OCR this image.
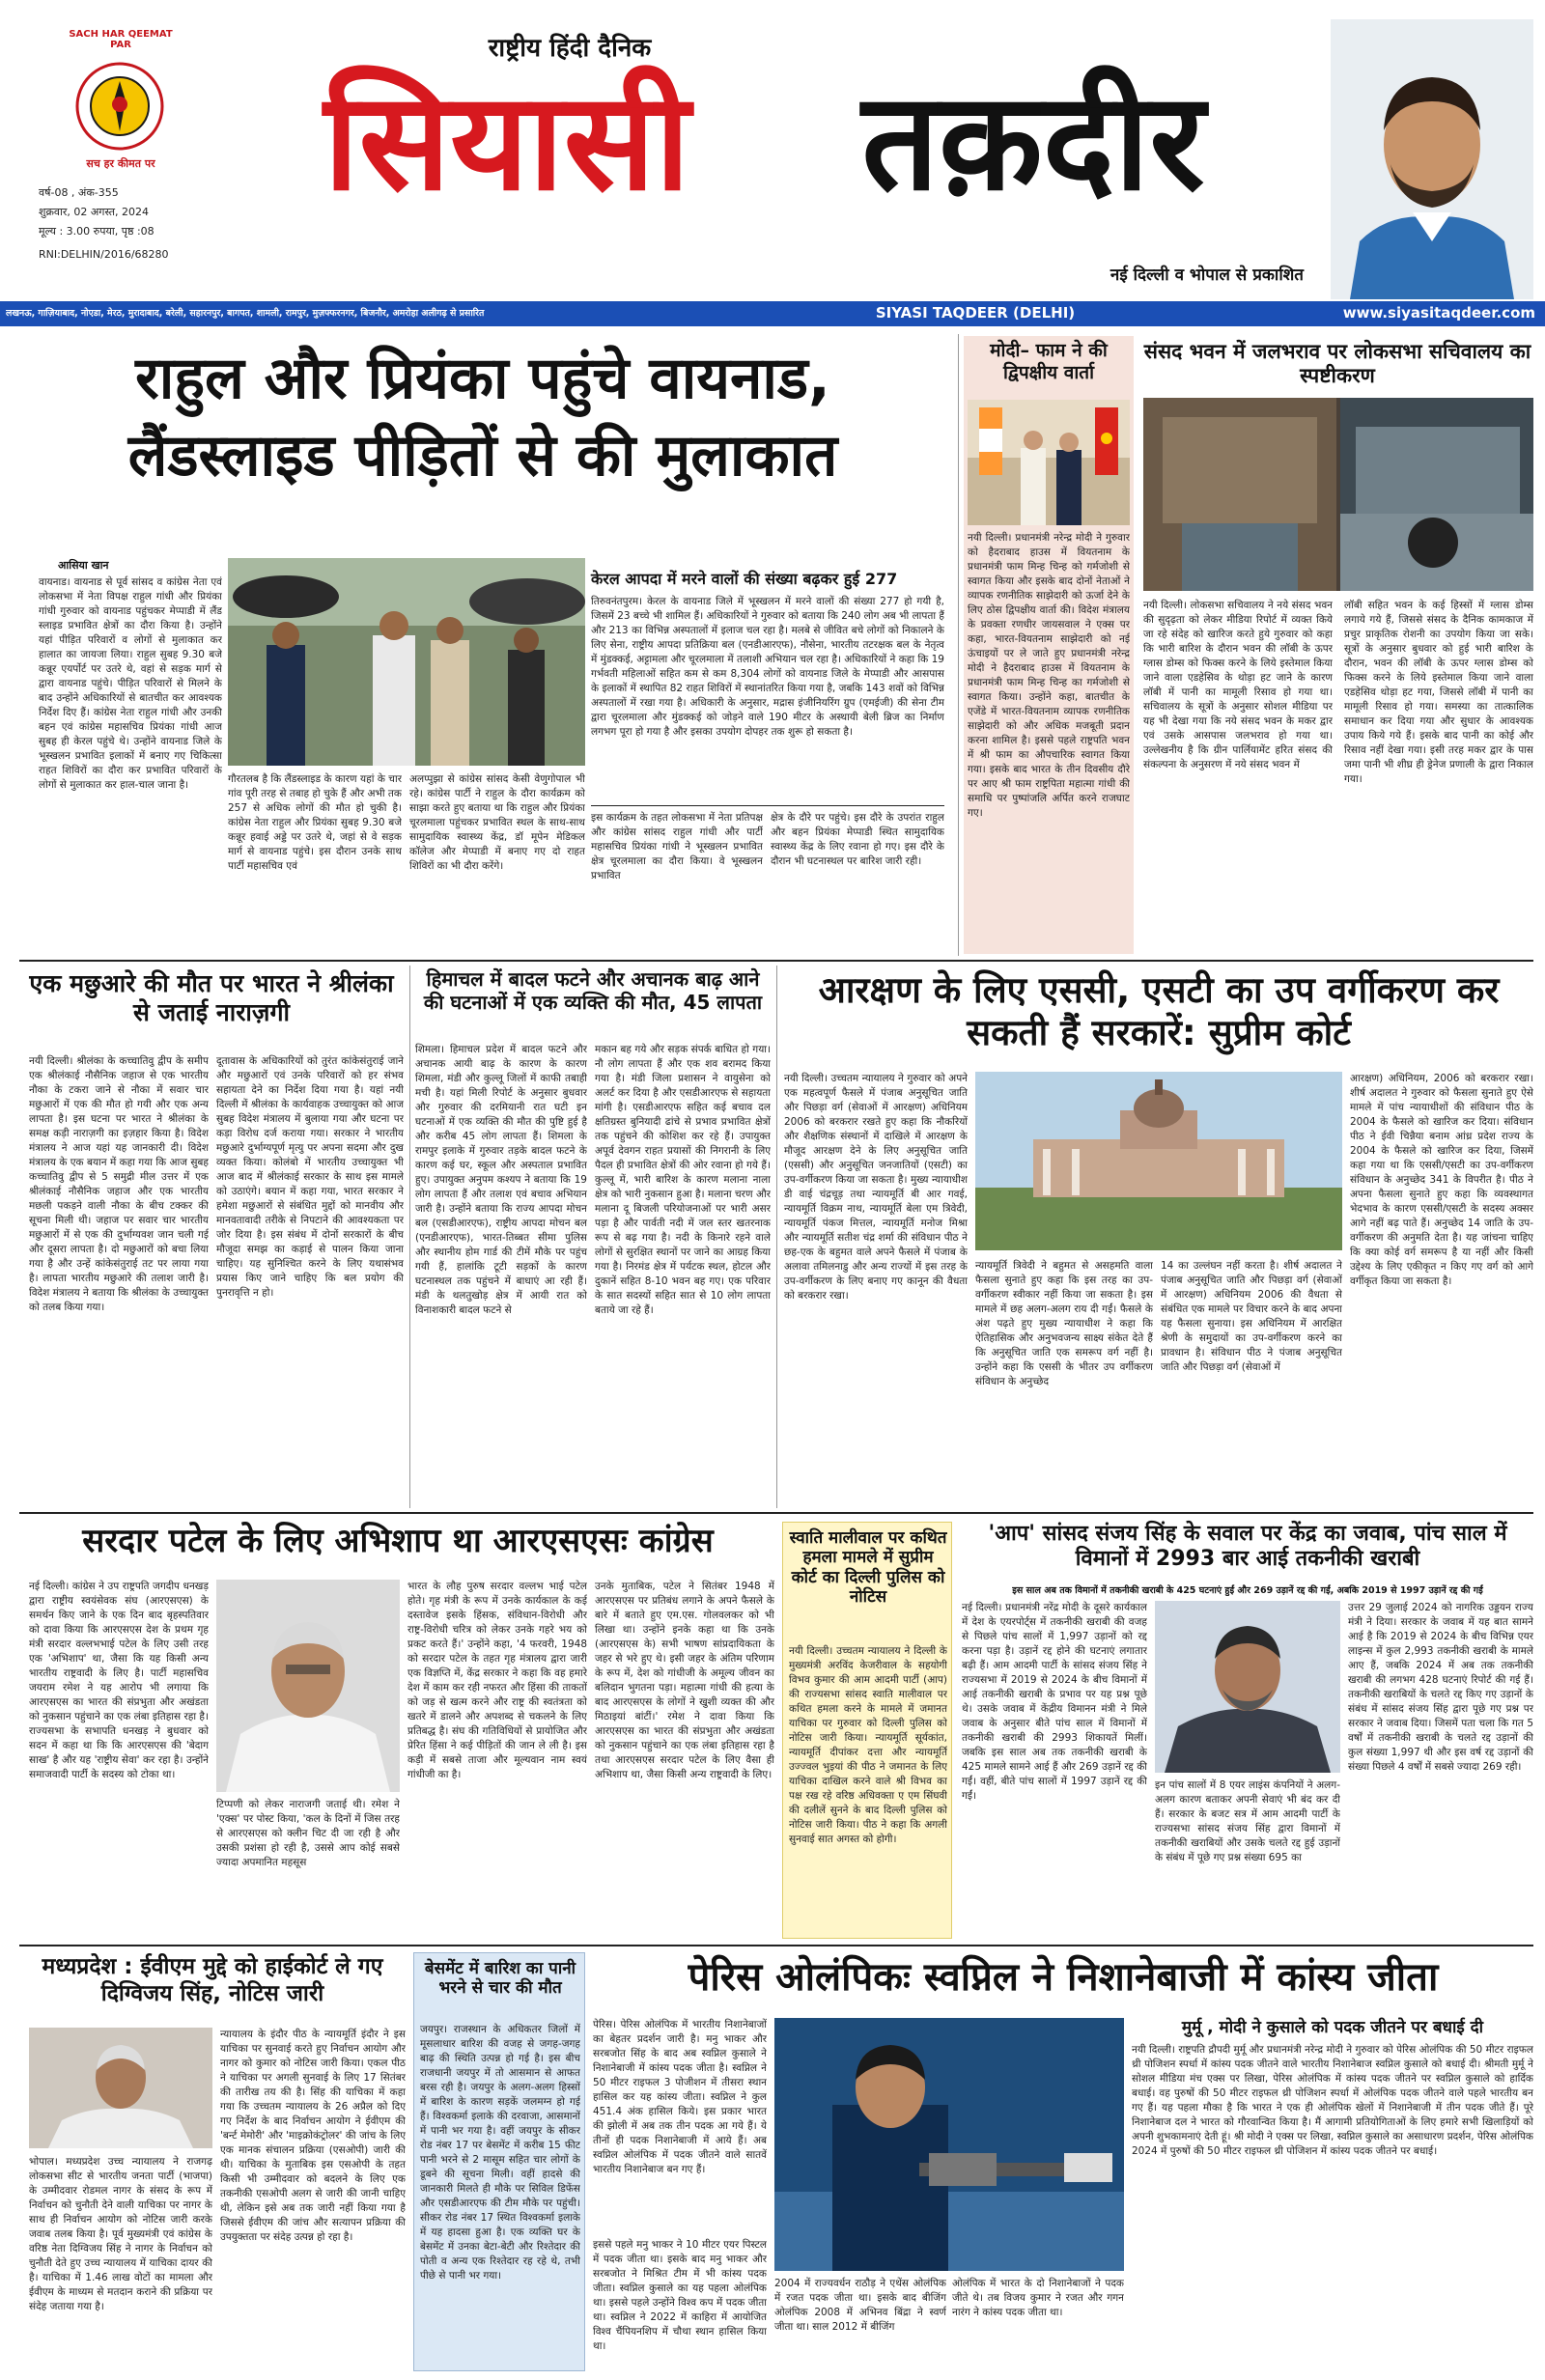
SACH HAR QEEMAT PAR
सच हर कीमत पर
वर्ष-08 , अंक-355
शुक्रवार, 02 अगस्त, 2024
मूल्य : 3.00 रुपया, पृष्ठ :08
RNI:DELHIN/2016/68280
राष्ट्रीय हिंदी दैनिक
सियासी	तक़दीर
नई दिल्ली व भोपाल से प्रकाशित
लखनऊ, गाज़ियाबाद, नोएडा, मेरठ, मुरादाबाद, बरेली, सहारनपुर, बागपत, शामली, रामपुर, मुज़फ्फरनगर, बिजनौर, अमरोहा अलीगढ़ से प्रसारित	SIYASI TAQDEER (DELHI)	www.siyasitaqdeer.com
राहुल और प्रियंका पहुंचे वायनाड,
लैंडस्लाइड पीड़ितों से की मुलाकात
आसिया खान
वायनाड। वायनाड से पूर्व सांसद व कांग्रेस नेता एवं लोकसभा में नेता विपक्ष राहुल गांधी और प्रियंका गांधी गुरुवार को वायनाड पहुंचकर मेप्पाडी में लैंड स्लाइड प्रभावित क्षेत्रों का दौरा किया है। उन्होंने यहां पीड़ित परिवारों व लोगों से मुलाकात कर हालात का जायजा लिया। राहुल सुबह 9.30 बजे कन्नूर एयर्पोर्ट पर उतरे थे, वहां से सड़क मार्ग से द्वारा वायनाड पहुंचे। पीड़ित परिवारों से मिलने के बाद उन्होंने अधिकारियों से बातचीत कर आवश्यक निर्देश दिए हैं। कांग्रेस नेता राहुल गांधी और उनकी बहन एवं कांग्रेस महासचिव प्रियंका गांधी आज सुबह ही केरल पहुंचे थे। उन्होंने वायनाड जिले के भूस्खलन प्रभावित इलाकों में बनाए गए चिकित्सा राहत शिविरों का दौरा कर प्रभावित परिवारों के लोगों से मुलाकात कर हाल-चाल जाना है।	गौरतलब है कि लैंडस्लाइड के कारण यहां के चार गांव पूरी तरह से तबाह हो चुके हैं और अभी तक 257 से अधिक लोगों की मौत हो चुकी है। कांग्रेस नेता राहुल और प्रियंका सुबह 9.30 बजे कन्नूर हवाई अड्डे पर उतरे थे, जहां से वे सड़क मार्ग से वायनाड पहुंचे। इस दौरान उनके साथ पार्टी महासचिव एवं
अलप्पुझा से कांग्रेस सांसद केसी वेणुगोपाल भी रहे। कांग्रेस पार्टी ने राहुल के दौरा कार्यक्रम को साझा करते हुए बताया था कि राहुल और प्रियंका चूरलमाला पहुंचकर प्रभावित स्थल के साथ-साथ सामुदायिक स्वास्थ्य केंद्र, डॉ मूपेन मेडिकल कॉलेज और मेप्पाडी में बनाए गए दो राहत शिविरों का भी दौरा करेंगे।
केरल आपदा में मरने वालों की संख्या बढ़कर हुई 277
तिरुवनंतपुरम। केरल के वायनाड जिले में भूस्खलन में मरने वालों की संख्या 277 हो गयी है, जिसमें 23 बच्चे भी शामिल हैं। अधिकारियों ने गुरुवार को बताया कि 240 लोग अब भी लापता हैं और 213 का विभिन्न अस्पतालों में इलाज चल रहा है। मलबे से जीवित बचे लोगों को निकालने के लिए सेना, राष्ट्रीय आपदा प्रतिक्रिया बल (एनडीआरएफ), नौसेना, भारतीय तटरक्षक बल के नेतृत्व में मुंडक्कई, अट्टामला और चूरलमाला में तलाशी अभियान चल रहा है। अधिकारियों ने कहा कि 19 गर्भवती महिलाओं सहित कम से कम 8,304 लोगों को वायनाड जिले के मेप्पाडी और आसपास के इलाकों में स्थापित 82 राहत शिविरों में स्थानांतरित किया गया है, जबकि 143 शवों को विभिन्न अस्पतालों में रखा गया है। अधिकारी के अनुसार, मद्रास इंजीनियरिंग ग्रुप (एमईजी) की सेना टीम द्वारा चूरलमाला और मुंडक्कई को जोड़ने वाले 190 मीटर के अस्थायी बेली ब्रिज का निर्माण लगभग पूरा हो गया है और इसका उपयोग दोपहर तक शुरू हो सकता है।
इस कार्यक्रम के तहत लोकसभा में नेता प्रतिपक्ष और कांग्रेस सांसद राहुल गांधी और पार्टी महासचिव प्रियंका गांधी ने भूस्खलन प्रभावित क्षेत्र चूरलमाला का दौरा किया। वे भूस्खलन प्रभावित
क्षेत्र के दौरे पर पहुंचे। इस दौरे के उपरांत राहुल और बहन प्रियंका मेप्पाडी स्थित सामुदायिक स्वास्थ्य केंद्र के लिए रवाना हो गए। इस दौरे के दौरान भी घटनास्थल पर बारिश जारी रही।
मोदी– फाम ने की द्विपक्षीय वार्ता
नयी दिल्ली। प्रधानमंत्री नरेन्द्र मोदी ने गुरुवार को हैदराबाद हाउस में वियतनाम के प्रधानमंत्री फाम मिन्ह चिन्ह को गर्मजोशी से स्वागत किया और इसके बाद दोनों नेताओं ने व्यापक रणनीतिक साझेदारी को ऊर्जा देने के लिए ठोस द्विपक्षीय वार्ता की। विदेश मंत्रालय के प्रवक्ता रणधीर जायसवाल ने एक्स पर कहा, भारत-वियतनाम साझेदारी को नई ऊंचाइयों पर ले जाते हुए प्रधानमंत्री नरेन्द्र मोदी ने हैदराबाद हाउस में वियतनाम के प्रधानमंत्री फाम मिन्ह चिन्ह का गर्मजोशी से स्वागत किया। उन्होंने कहा, बातचीत के एजेंडे में भारत-वियतनाम व्यापक रणनीतिक साझेदारी को और अधिक मजबूती प्रदान करना शामिल है। इससे पहले राष्ट्रपति भवन में श्री फाम का औपचारिक स्वागत किया गया। इसके बाद भारत के तीन दिवसीय दौरे पर आए श्री फाम राष्ट्रपिता महात्मा गांधी की समाधि पर पुष्पांजलि अर्पित करने राजघाट गए।
संसद भवन में जलभराव पर लोकसभा सचिवालय का स्पष्टीकरण
नयी दिल्ली। लोकसभा सचिवालय ने नये संसद भवन की सुदृढ़ता को लेकर मीडिया रिपोर्ट में व्यक्त किये जा रहे संदेह को खारिज करते हुये गुरुवार को कहा कि भारी बारिश के दौरान भवन की लॉबी के ऊपर ग्लास डोम्स को फिक्स करने के लिये इस्तेमाल किया जाने वाला एडहेसिव के थोड़ा हट जाने के कारण लॉबी में पानी का मामूली रिसाव हो गया था। सचिवालय के सूत्रों के अनुसार सोशल मीडिया पर यह भी देखा गया कि नये संसद भवन के मकर द्वार एवं उसके आसपास जलभराव हो गया था। उल्लेखनीय है कि ग्रीन पार्लियामेंट हरित संसद की संकल्पना के अनुसरण में नये संसद भवन में
लॉबी सहित भवन के कई हिस्सों में ग्लास डोम्स लगाये गये हैं, जिससे संसद के दैनिक कामकाज में प्रचुर प्राकृतिक रोशनी का उपयोग किया जा सके। सूत्रों के अनुसार बुधवार को हुई भारी बारिश के दौरान, भवन की लॉबी के ऊपर ग्लास डोम्स को फिक्स करने के लिये इस्तेमाल किया जाने वाला एडहेसिव थोड़ा हट गया, जिससे लॉबी में पानी का मामूली रिसाव हो गया। समस्या का तात्कालिक समाधान कर दिया गया और सुधार के आवश्यक उपाय किये गये हैं। इसके बाद पानी का कोई और रिसाव नहीं देखा गया। इसी तरह मकर द्वार के पास जमा पानी भी शीघ्र ही ड्रेनेज प्रणाली के द्वारा निकाल गया।
एक मछुआरे की मौत पर भारत ने श्रीलंका से जताई नाराज़गी
नयी दिल्ली। श्रीलंका के कच्चातिवु द्वीप के समीप एक श्रीलंकाई नौसैनिक जहाज से एक भारतीय नौका के टकरा जाने से नौका में सवार चार मछुआरों में एक की मौत हो गयी और एक अन्य लापता है। इस घटना पर भारत ने श्रीलंका के समक्ष कड़ी नाराज़गी का इज़हार किया है। विदेश मंत्रालय ने आज यहां यह जानकारी दी। विदेश मंत्रालय के एक बयान में कहा गया कि आज सुबह कच्चातिवु द्वीप से 5 समुद्री मील उत्तर में एक श्रीलंकाई नौसैनिक जहाज और एक भारतीय मछली पकड़ने वाली नौका के बीच टक्कर की सूचना मिली थी। जहाज पर सवार चार भारतीय मछुआरों में से एक की दुर्भाग्यवश जान चली गई और दूसरा लापता है। दो मछुआरों को बचा लिया गया है और उन्हें कांकेसंतुराई तट पर लाया गया है। लापता भारतीय मछुआरे की तलाश जारी है। विदेश मंत्रालय ने बताया कि श्रीलंका के उच्चायुक्त को तलब किया गया।
दूतावास के अधिकारियों को तुरंत कांकेसंतुराई जाने और मछुआरों एवं उनके परिवारों को हर संभव सहायता देने का निर्देश दिया गया है। यहां नयी दिल्ली में श्रीलंका के कार्यवाहक उच्चायुक्त को आज सुबह विदेश मंत्रालय में बुलाया गया और घटना पर कड़ा विरोध दर्ज कराया गया। सरकार ने भारतीय मछुआरे दुर्भाग्यपूर्ण मृत्यु पर अपना सदमा और दुख व्यक्त किया। कोलंबो में भारतीय उच्चायुक्त भी आज बाद में श्रीलंकाई सरकार के साथ इस मामले को उठाएंगे। बयान में कहा गया, भारत सरकार ने हमेशा मछुआरों से संबंधित मुद्दों को मानवीय और मानवतावादी तरीके से निपटाने की आवश्यकता पर जोर दिया है। इस संबंध में दोनों सरकारों के बीच मौजूदा समझ का कड़ाई से पालन किया जाना चाहिए। यह सुनिश्चित करने के लिए यथासंभव प्रयास किए जाने चाहिए कि बल प्रयोग की पुनरावृत्ति न हो।
हिमाचल में बादल फटने और अचानक बाढ़ आने की घटनाओं में एक व्यक्ति की मौत, 45 लापता
शिमला। हिमाचल प्रदेश में बादल फटने और अचानक आयी बाढ़ के कारण के कारण शिमला, मंडी और कुल्लू जिलों में काफी तबाही मची है। यहां मिली रिपोर्ट के अनुसार बुधवार और गुरुवार की दरमियानी रात घटी इन घटनाओं में एक व्यक्ति की मौत की पुष्टि हुई है और करीब 45 लोग लापता हैं। शिमला के रामपुर इलाके में गुरुवार तड़के बादल फटने के कारण कई घर, स्कूल और अस्पताल प्रभावित हुए। उपायुक्त अनुपम कश्यप ने बताया कि 19 लोग लापता हैं और तलाश एवं बचाव अभियान जारी है। उन्होंने बताया कि राज्य आपदा मोचन बल (एसडीआरएफ), राष्ट्रीय आपदा मोचन बल (एनडीआरएफ), भारत-तिब्बत सीमा पुलिस और स्थानीय होम गार्ड की टीमें मौके पर पहुंच गयी हैं, हालांकि टूटी सड़कों के कारण घटनास्थल तक पहुंचने में बाधाएं आ रही हैं। मंडी के थलतुखोड़ क्षेत्र में आयी रात को विनाशकारी बादल फटने से
मकान बह गये और सड़क संपर्क बाधित हो गया। नौ लोग लापता हैं और एक शव बरामद किया गया है। मंडी जिला प्रशासन ने वायुसेना को अलर्ट कर दिया है और एसडीआरएफ से सहायता मांगी है। एसडीआरएफ सहित कई बचाव दल क्षतिग्रस्त बुनियादी ढांचे से प्रभाव प्रभावित क्षेत्रों तक पहुंचने की कोशिश कर रहे हैं। उपायुक्त अपूर्व देवगन राहत प्रयासों की निगरानी के लिए पैदल ही प्रभावित क्षेत्रों की ओर रवाना हो गये हैं। कुल्लू में, भारी बारिश के कारण मलाना नाला क्षेत्र को भारी नुकसान हुआ है। मलाना चरण और मलाना दू बिजली परियोजनाओं पर भारी असर पड़ा है और पार्वती नदी में जल स्तर खतरनाक रूप से बढ़ गया है। नदी के किनारे रहने वाले लोगों से सुरक्षित स्थानों पर जाने का आग्रह किया गया है। निरमंड क्षेत्र में पर्यटक स्थल, होटल और दुकानें सहित 8-10 भवन बह गए। एक परिवार के सात सदस्यों सहित सात से 10 लोग लापता बताये जा रहे हैं।
आरक्षण के लिए एससी, एसटी का उप वर्गीकरण कर सकती हैं सरकारें: सुप्रीम कोर्ट
नयी दिल्ली। उच्चतम न्यायालय ने गुरुवार को अपने एक महत्वपूर्ण फैसले में पंजाब अनुसूचित जाति और पिछड़ा वर्ग (सेवाओं में आरक्षण) अधिनियम 2006 को बरकरार रखते हुए कहा कि नौकरियों और शैक्षणिक संस्थानों में दाखिले में आरक्षण के मौजूद आरक्षण देने के लिए अनुसूचित जाति (एससी) और अनुसूचित जनजातियों (एसटी) का उप-वर्गीकरण किया जा सकता है। मुख्य न्यायाधीश डी वाई चंद्रचूड़ तथा न्यायमूर्ति बी आर गवई, न्यायमूर्ति विक्रम नाथ, न्यायमूर्ति बेला एम त्रिवेदी, न्यायमूर्ति पंकज मित्तल, न्यायमूर्ति मनोज मिश्रा और न्यायमूर्ति सतीश चंद्र शर्मा की संविधान पीठ ने छह-एक के बहुमत वाले अपने फैसले में पंजाब के अलावा तमिलनाडु और अन्य राज्यों में इस तरह के उप-वर्गीकरण के लिए बनाए गए कानून की वैधता को बरकरार रखा।
आरक्षण) अधिनियम, 2006 को बरकरार रखा। शीर्ष अदालत ने गुरुवार को फैसला सुनाते हुए ऐसे मामले में पांच न्यायाधीशों की संविधान पीठ के 2004 के फैसले को खारिज कर दिया। संविधान पीठ ने ईवी चिन्नैया बनाम आंध्र प्रदेश राज्य के 2004 के फैसले को खारिज कर दिया, जिसमें कहा गया था कि एससी/एसटी का उप-वर्गीकरण संविधान के अनुच्छेद 341 के विपरीत है। पीठ ने अपना फैसला सुनाते हुए कहा कि व्यवस्थागत भेदभाव के कारण एससी/एसटी के सदस्य अक्सर आगे नहीं बढ़ पाते हैं। अनुच्छेद 14 जाति के उप-वर्गीकरण की अनुमति देता है। यह जांचना चाहिए कि क्या कोई वर्ग समरूप है या नहीं और किसी उद्देश्य के लिए एकीकृत न किए गए वर्ग को आगे वर्गीकृत किया जा सकता है।
न्यायमूर्ति त्रिवेदी ने बहुमत से असहमति वाला फैसला सुनाते हुए कहा कि इस तरह का उप-वर्गीकरण स्वीकार नहीं किया जा सकता है। इस मामले में छह अलग-अलग राय दी गईं। फैसले के अंश पढ़ते हुए मुख्य न्यायाधीश ने कहा कि ऐतिहासिक और अनुभवजन्य साक्ष्य संकेत देते हैं कि अनुसूचित जाति एक समरूप वर्ग नहीं है। उन्होंने कहा कि एससी के भीतर उप वर्गीकरण संविधान के अनुच्छेद
14 का उल्लंघन नहीं करता है। शीर्ष अदालत ने पंजाब अनुसूचित जाति और पिछड़ा वर्ग (सेवाओं में आरक्षण) अधिनियम 2006 की वैधता से संबंधित एक मामले पर विचार करने के बाद अपना यह फैसला सुनाया। इस अधिनियम में आरक्षित श्रेणी के समुदायों का उप-वर्गीकरण करने का प्रावधान है। संविधान पीठ ने पंजाब अनुसूचित जाति और पिछड़ा वर्ग (सेवाओं में
सरदार पटेल के लिए अभिशाप था आरएसएसः कांग्रेस
नई दिल्ली। कांग्रेस ने उप राष्ट्रपति जगदीप धनखड़ द्वारा राष्ट्रीय स्वयंसेवक संघ (आरएसएस) के समर्थन किए जाने के एक दिन बाद बृहस्पतिवार को दावा किया कि आरएसएस देश के प्रथम गृह मंत्री सरदार वल्लभभाई पटेल के लिए उसी तरह एक 'अभिशाप' था, जैसा कि यह किसी अन्य भारतीय राष्ट्रवादी के लिए है। पार्टी महासचिव जयराम रमेश ने यह आरोप भी लगाया कि आरएसएस का भारत की संप्रभुता और अखंडता को नुकसान पहुंचाने का एक लंबा इतिहास रहा है। राज्यसभा के सभापति धनखड़ ने बुधवार को सदन में कहा था कि कि आरएसएस की 'बेदाग साख' है और यह 'राष्ट्रीय सेवा' कर रहा है। उन्होंने समाजवादी पार्टी के सदस्य को टोका था।
टिप्पणी को लेकर नाराजगी जताई थी। रमेश ने 'एक्स' पर पोस्ट किया, 'कल के दिनों में जिस तरह से आरएसएस को क्लीन चिट दी जा रही है और उसकी प्रशंसा हो रही है, उससे आप कोई सबसे ज्यादा अपमानित महसूस
भारत के लौह पुरुष सरदार वल्लभ भाई पटेल होते। गृह मंत्री के रूप में उनके कार्यकाल के कई दस्तावेज इसके हिंसक, संविधान-विरोधी और राष्ट्र-विरोधी चरित्र को लेकर उनके गहरे भय को प्रकट करते हैं।' उन्होंने कहा, '4 फरवरी, 1948 को सरदार पटेल के तहत गृह मंत्रालय द्वारा जारी एक विज्ञप्ति में, केंद्र सरकार ने कहा कि वह हमारे देश में काम कर रही नफरत और हिंसा की ताकतों को जड़ से खत्म करने और राष्ट्र की स्वतंत्रता को खतरे में डालने और अपशब्द से चकलने के लिए प्रतिबद्ध है। संघ की गतिविधियों से प्रायोजित और प्रेरित हिंसा ने कई पीड़ितों की जान ले ली है। इस कड़ी में सबसे ताजा और मूल्यवान नाम स्वयं गांधीजी का है।
उनके मुताबिक, पटेल ने सितंबर 1948 में आरएसएस पर प्रतिबंध लगाने के अपने फैसले के बारे में बताते हुए एम.एस. गोलवलकर को भी लिखा था। उन्होंने इनके कहा था कि उनके (आरएसएस के) सभी भाषण सांप्रदायिकता के जहर से भरे हुए थे। इसी जहर के अंतिम परिणाम के रूप में, देश को गांधीजी के अमूल्य जीवन का बलिदान भुगतना पड़ा। महात्मा गांधी की हत्या के बाद आरएसएस के लोगों ने खुशी व्यक्त की और मिठाइयां बांटीं।' रमेश ने दावा किया कि आरएसएस का भारत की संप्रभुता और अखंडता को नुकसान पहुंचाने का एक लंबा इतिहास रहा है तथा आरएसएस सरदार पटेल के लिए वैसा ही अभिशाप था, जैसा किसी अन्य राष्ट्रवादी के लिए।
स्वाति मालीवाल पर कथित हमला मामले में सुप्रीम कोर्ट का दिल्ली पुलिस को नोटिस
नयी दिल्ली। उच्चतम न्यायालय ने दिल्ली के मुख्यमंत्री अरविंद केजरीवाल के सहयोगी विभव कुमार की आम आदमी पार्टी (आप) की राज्यसभा सांसद स्वाति मालीवाल पर कथित हमला करने के मामले में जमानत याचिका पर गुरुवार को दिल्ली पुलिस को नोटिस जारी किया। न्यायमूर्ति सूर्यकांत, न्यायमूर्ति दीपांकर दत्ता और न्यायमूर्ति उज्ज्वल भुइयां की पीठ ने जमानत के लिए याचिका दाखिल करने वाले श्री विभव का पक्ष रख रहे वरिष्ठ अधिवक्ता ए एम सिंघवी की दलीलें सुनने के बाद दिल्ली पुलिस को नोटिस जारी किया। पीठ ने कहा कि अगली सुनवाई सात अगस्त को होगी।
'आप' सांसद संजय सिंह के सवाल पर केंद्र का जवाब, पांच साल में विमानों में 2993 बार आई तकनीकी खराबी
इस साल अब तक विमानों में तकनीकी खराबी के 425 घटनाएं हुईं और 269 उड़ानें रद्द की गईं, अबकि 2019 से 1997 उड़ानें रद्द की गईं
नई दिल्ली। प्रधानमंत्री नरेंद्र मोदी के दूसरे कार्यकाल में देश के एयरपोर्ट्स में तकनीकी खराबी की वजह से पिछले पांच सालों में 1,997 उड़ानों को रद्द करना पड़ा है। उड़ानें रद्द होने की घटनाएं लगातार बढ़ी हैं। आम आदमी पार्टी के सांसद संजय सिंह ने राज्यसभा में 2019 से 2024 के बीच विमानों में आई तकनीकी खराबी के प्रभाव पर यह प्रश्न पूछे थे। उसके जवाब में केंद्रीय विमानन मंत्री ने मिले जवाब के अनुसार बीते पांच साल में विमानों में तकनीकी खराबी की 2993 शिकायतें मिलीं। जबकि इस साल अब तक तकनीकी खराबी के 425 मामले सामने आई हैं और 269 उड़ानें रद्द की गईं। वहीं, बीते पांच सालों में 1997 उड़ानें रद्द की गईं।
इन पांच सालों में 8 एयर लाइंस कंपनियों ने अलग-अलग कारण बताकर अपनी सेवाएं भी बंद कर दी हैं। सरकार के बजट सत्र में आम आदमी पार्टी के राज्यसभा सांसद संजय सिंह द्वारा विमानों में तकनीकी खराबियों और उसके चलते रद्द हुई उड़ानों के संबंध में पूछे गए प्रश्न संख्या 695 का
उत्तर 29 जुलाई 2024 को नागरिक उड्डयन राज्य मंत्री ने दिया। सरकार के जवाब में यह बात सामने आई है कि 2019 से 2024 के बीच विभिन्न एयर लाइन्स में कुल 2,993 तकनीकी खराबी के मामले आए हैं, जबकि 2024 में अब तक तकनीकी खराबी की लगभग 428 घटनाएं रिपोर्ट की गई हैं। तकनीकी खराबियों के चलते रद्द किए गए उड़ानों के संबंध में सांसद संजय सिंह द्वारा पूछे गए प्रश्न पर सरकार ने जवाब दिया। जिसमें पता चला कि गत 5 वर्षों में तकनीकी खराबी के चलते रद्द उड़ानों की कुल संख्या 1,997 थी और इस वर्ष रद्द उड़ानों की संख्या पिछले 4 वर्षों में सबसे ज्यादा 269 रही।
मध्यप्रदेश : ईवीएम मुद्दे को हाईकोर्ट ले गए दिग्विजय सिंह, नोटिस जारी
भोपाल। मध्यप्रदेश उच्च न्यायालय ने राजगढ़ लोकसभा सीट से भारतीय जनता पार्टी (भाजपा) के उम्मीदवार रोडमल नागर के संसद के रूप में निर्वाचन को चुनौती देने वाली याचिका पर नागर के साथ ही निर्वाचन आयोग को नोटिस जारी करके जवाब तलब किया है। पूर्व मुख्यमंत्री एवं कांग्रेस के वरिष्ठ नेता दिग्विजय सिंह ने नागर के निर्वाचन को चुनौती देते हुए उच्च न्यायालय में याचिका दायर की है। याचिका में 1.46 लाख वोटों का मामला और ईवीएम के माध्यम से मतदान कराने की प्रक्रिया पर संदेह जताया गया है।
न्यायालय के इंदौर पीठ के न्यायमूर्ति इंदौर ने इस याचिका पर सुनवाई करते हुए निर्वाचन आयोग और नागर को कुमार को नोटिस जारी किया। एकल पीठ ने याचिका पर अगली सुनवाई के लिए 17 सितंबर की तारीख तय की है। सिंह की याचिका में कहा गया कि उच्चतम न्यायालय के 26 अप्रैल को दिए गए निर्देश के बाद निर्वाचन आयोग ने ईवीएम की 'बर्न्ट मेमोरी' और 'माइक्रोकंट्रोलर' की जांच के लिए एक मानक संचालन प्रक्रिया (एसओपी) जारी की थी। याचिका के मुताबिक इस एसओपी के तहत किसी भी उम्मीदवार को बदलने के लिए एक तकनीकी एसओपी अलग से जारी की जानी चाहिए थी, लेकिन इसे अब तक जारी नहीं किया गया है जिससे ईवीएम की जांच और सत्यापन प्रक्रिया की उपयुक्तता पर संदेह उत्पन्न हो रहा है।
बेसमेंट में बारिश का पानी भरने से चार की मौत
जयपुर। राजस्थान के अधिकतर जिलों में मूसलाधार बारिश की वजह से जगह-जगह बाढ़ की स्थिति उत्पन्न हो गई है। इस बीच राजधानी जयपुर में तो आसमान से आफत बरस रही है। जयपुर के अलग-अलग हिस्सों में बारिश के कारण सड़कें जलमग्न हो गई हैं। विश्वकर्मा इलाके की दरवाजा, आसमानों में पानी भर गया है। वहीं जयपुर के सीकर रोड नंबर 17 पर बेसमेंट में करीब 15 फीट पानी भरने से 2 मासूम सहित चार लोगों के डूबने की सूचना मिली। वहीं हादसे की जानकारी मिलते ही मौके पर सिविल डिफेंस और एसडीआरएफ की टीम मौके पर पहुंची। सीकर रोड नंबर 17 स्थित विश्वकर्मा इलाके में यह हादसा हुआ है। एक व्यक्ति घर के बेसमेंट में उनका बेटा-बेटी और रिश्तेदार की पोती व अन्य एक रिश्तेदार रह रहे थे, तभी पीछे से पानी भर गया।
पेरिस ओलंपिकः स्वप्निल ने निशानेबाजी में कांस्य जीता
पेरिस। पेरिस ओलंपिक में भारतीय निशानेबाजों का बेहतर प्रदर्शन जारी है। मनु भाकर और सरबजोत सिंह के बाद अब स्वप्निल कुसाले ने निशानेबाजी में कांस्य पदक जीता है। स्वप्निल ने 50 मीटर राइफल 3 पोजीशन में तीसरा स्थान हासिल कर यह कांस्य जीता। स्वप्निल ने कुल 451.4 अंक हासिल किये। इस प्रकार भारत की झोली में अब तक तीन पदक आ गये हैं। ये तीनों ही पदक निशानेबाजी में आये हैं। अब स्वप्निल ओलंपिक में पदक जीतने वाले सातवें भारतीय निशानेबाज बन गए हैं।
इससे पहले मनु भाकर ने 10 मीटर एयर पिस्टल में पदक जीता था। इसके बाद मनु भाकर और सरबजोत ने मिश्रित टीम में भी कांस्य पदक जीता। स्वप्निल कुसाले का यह पहला ओलंपिक था। इससे पहले उन्होंने विश्व कप में पदक जीता था। स्वप्निल ने 2022 में काहिरा में आयोजित विश्व चैंपियनशिप में चौथा स्थान हासिल किया था।
2004 में राज्यवर्धन राठौड़ ने एथेंस ओलंपिक में रजत पदक जीता था। इसके बाद बीजिंग ओलंपिक 2008 में अभिनव बिंद्रा ने स्वर्ण जीता था। साल 2012 में बीजिंग
ओलंपिक में भारत के दो निशानेबाजों ने पदक जीते थे। तब विजय कुमार ने रजत और गगन नारंग ने कांस्य पदक जीता था।
मुर्मू , मोदी ने कुसाले को पदक जीतने पर बधाई दी
नयी दिल्ली। राष्ट्रपति द्रौपदी मुर्मू और प्रधानमंत्री नरेन्द्र मोदी ने गुरुवार को पेरिस ओलंपिक की 50 मीटर राइफल थ्री पोजिशन स्पर्धा में कांस्य पदक जीतने वाले भारतीय निशानेबाज स्वप्निल कुसाले को बधाई दी। श्रीमती मुर्मू ने सोशल मीडिया मंच एक्स पर लिखा, पेरिस ओलंपिक में कांस्य पदक जीतने पर स्वप्निल कुसाले को हार्दिक बधाई। वह पुरुषों की 50 मीटर राइफल थ्री पोजिशन स्पर्धा में ओलंपिक पदक जीतने वाले पहले भारतीय बन गए हैं। यह पहला मौका है कि भारत ने एक ही ओलंपिक खेलों में निशानेबाजी में तीन पदक जीते हैं। पूरे निशानेबाज दल ने भारत को गौरवान्वित किया है। मैं आगामी प्रतियोगिताओं के लिए हमारे सभी खिलाड़ियों को अपनी शुभकामनाएं देती हूं। श्री मोदी ने एक्स पर लिखा, स्वप्निल कुसाले का असाधारण प्रदर्शन, पेरिस ओलंपिक 2024 में पुरुषों की 50 मीटर राइफल थ्री पोजिशन में कांस्य पदक जीतने पर बधाई।
